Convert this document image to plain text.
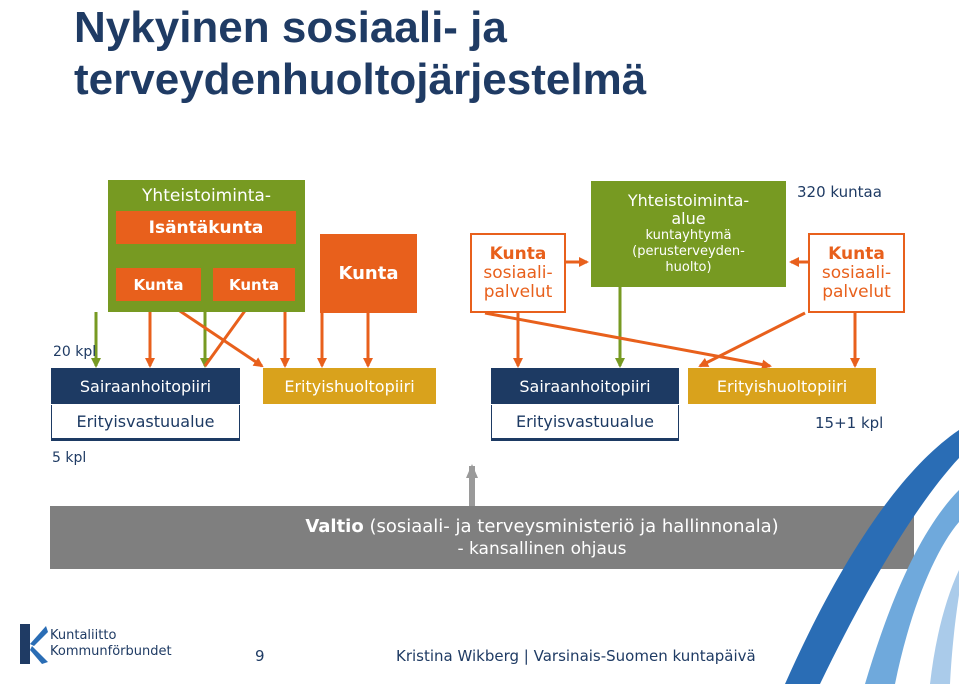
Nykyinen sosiaali- ja
terveydenhuoltojärjestelmä
Yhteistoiminta-
Isäntäkunta
Kunta	Kunta
Kunta
Kunta
sosiaali-
palvelut
Yhteistoiminta-
alue
kuntayhtymä
(perusterveyden-
huolto)
320 kuntaa
Kunta
sosiaali-
palvelut
20 kpl
Sairaanhoitopiiri	Erityishuoltopiiri	Sairaanhoitopiiri	Erityishuoltopiiri
Erityisvastuualue	Erityisvastuualue	15+1 kpl
5 kpl
Valtio (sosiaali- ja terveysministeriö ja hallinnonala)
- kansallinen ohjaus
Kuntaliitto
Kommunförbundet	9	Kristina Wikberg | Varsinais-Suomen kuntapäivä
